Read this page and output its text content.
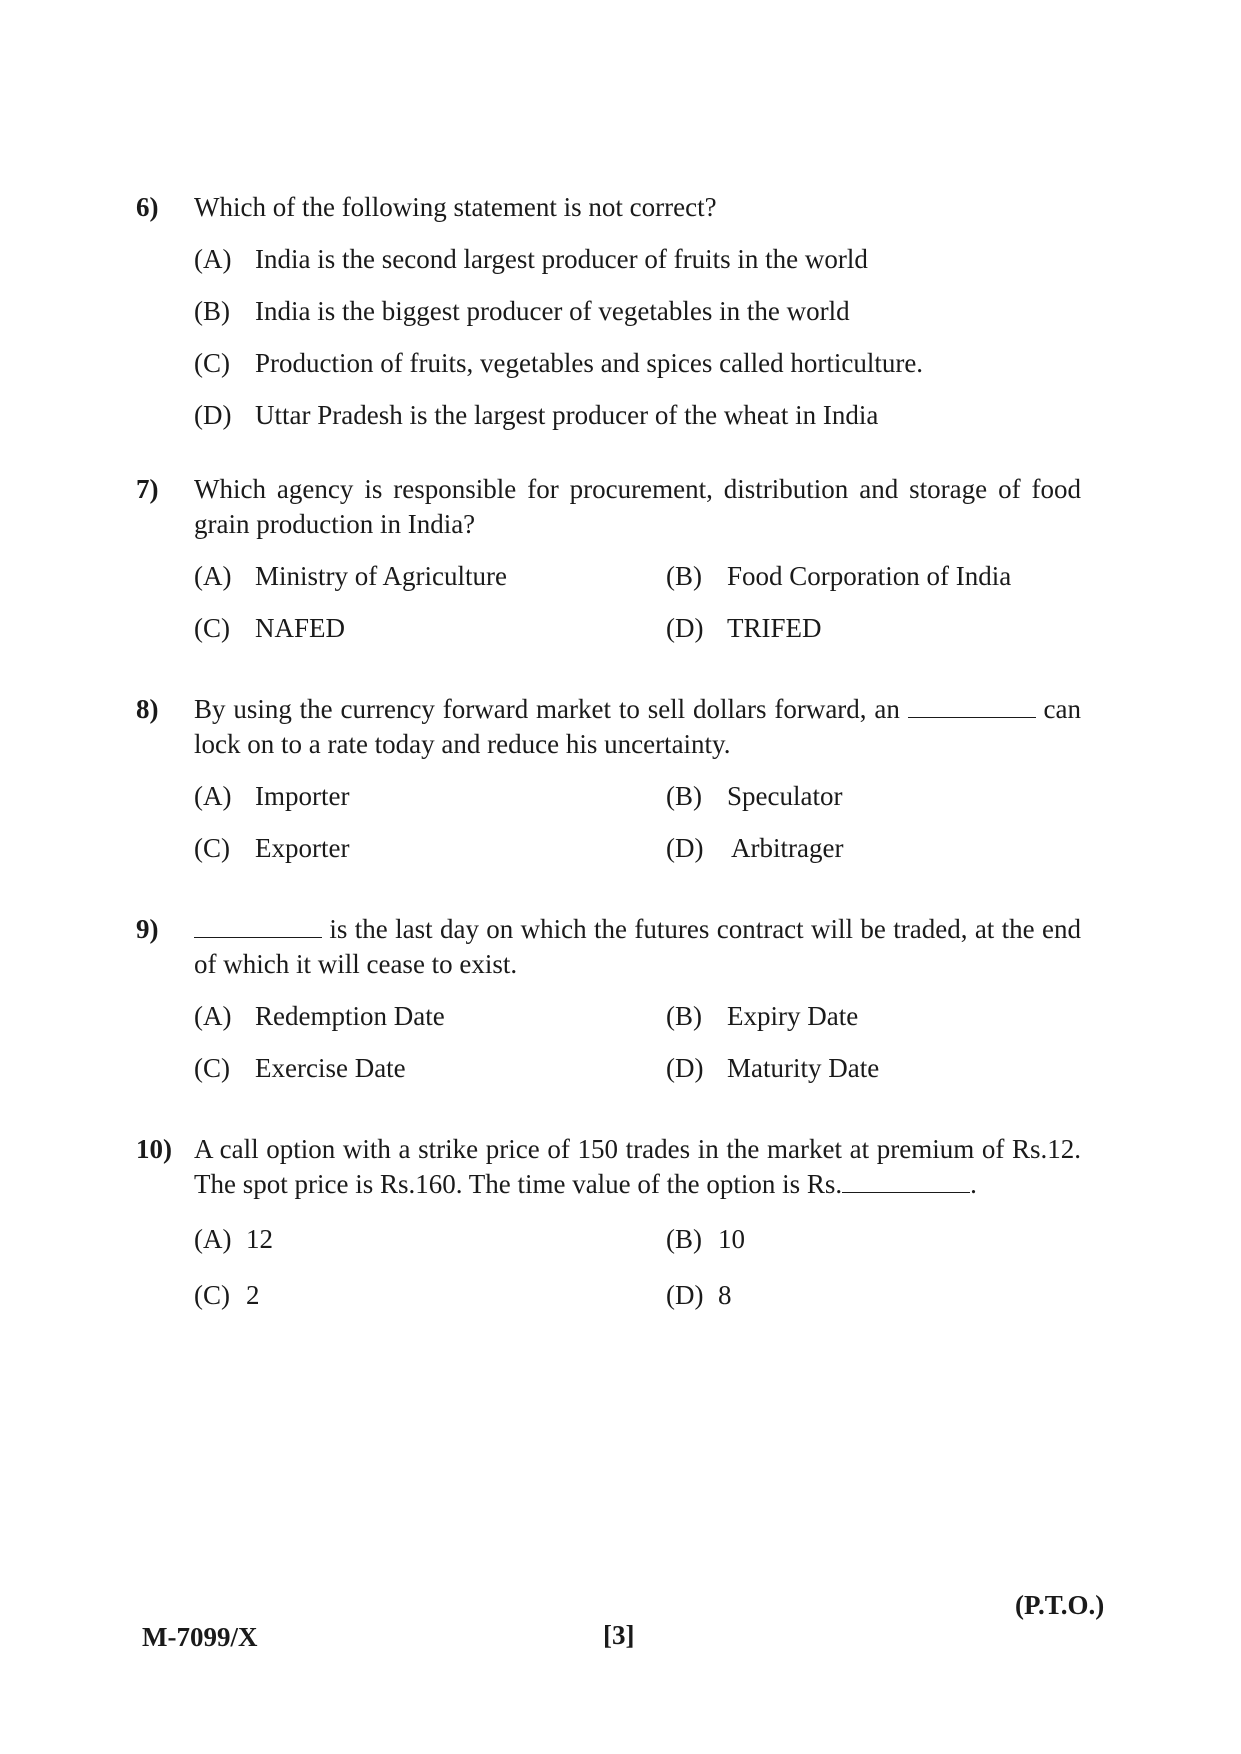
6)	Which of the following statement is not correct?
(A) India is the second largest producer of fruits in the world
(B) India is the biggest producer of vegetables in the world
(C) Production of fruits, vegetables and spices called horticulture.
(D) Uttar Pradesh is the largest producer of the wheat in India
7)	Which agency is responsible for procurement, distribution and storage of food grain production in India?
(A) Ministry of Agriculture	(B) Food Corporation of India
(C) NAFED	(D) TRIFED
8)	By using the currency forward market to sell dollars forward, an	can lock on to a rate today and reduce his uncertainty.
(A) Importer	(B) Speculator
(C) Exporter	(D)	Arbitrager
9)	is the last day on which the futures contract will be traded, at the end of which it will cease to exist.
(A) Redemption Date	(B) Expiry Date
(C) Exercise Date	(D) Maturity Date
10) A call option with a strike price of 150 trades in the market at premium of Rs.12. The spot price is Rs.160. The time value of the option is Rs.	.
(A) 12	(B) 10
(C) 2	(D) 8
M-7099/X	[3]
(P.T.O.)
